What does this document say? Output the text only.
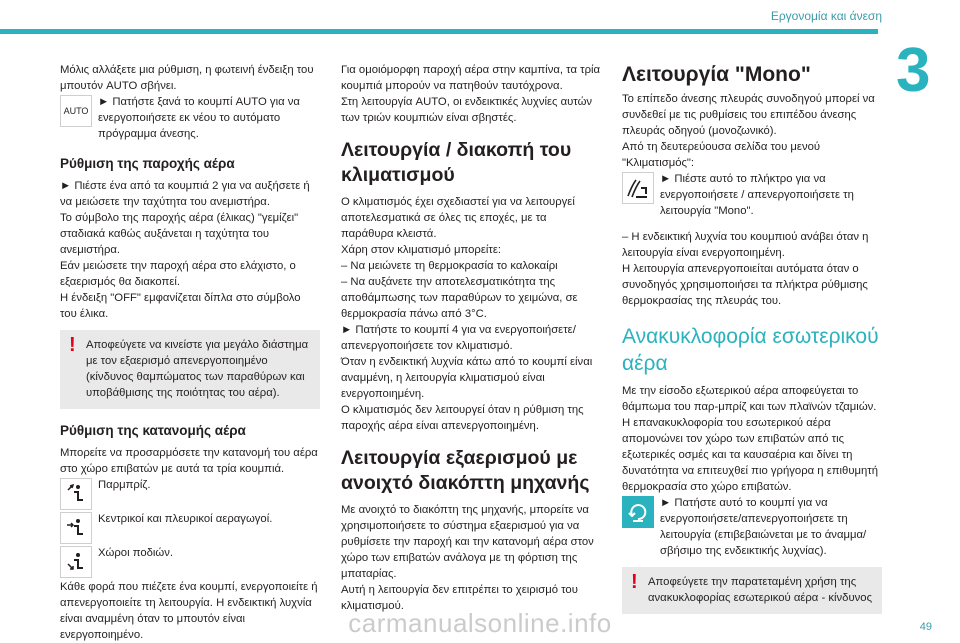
Εργονομία και άνεση
3

Μόλις αλλάξετε μια ρύθμιση, η φωτεινή ένδειξη του μπουτόν AUTO σβήνει.

AUTO

► Πατήστε ξανά το κουμπί AUTO για να ενεργοποιήσετε εκ νέου το αυτόματο πρόγραμμα άνεσης.

Ρύθμιση της παροχής αέρα

► Πιέστε ένα από τα κουμπιά 2 για να αυξήσετε ή να μειώσετε την ταχύτητα του ανεμιστήρα.

Το σύμβολο της παροχής αέρα (έλικας) "γεμίζει" σταδιακά καθώς αυξάνεται η ταχύτητα του ανεμιστήρα.

Εάν μειώσετε την παροχή αέρα στο ελάχιστο, ο εξαερισμός θα διακοπεί.

Η ένδειξη "OFF" εμφανίζεται δίπλα στο σύμβολο του έλικα.

! Αποφεύγετε να κινείστε για μεγάλο διάστημα με τον εξαερισμό απενεργοποιημένο (κίνδυνος θαμπώματος των παραθύρων και υποβάθμισης της ποιότητας του αέρα).

Ρύθμιση της κατανομής αέρα

Μπορείτε να προσαρμόσετε την κατανομή του αέρα στο χώρο επιβατών με αυτά τα τρία κουμπιά.

Παρμπρίζ.

Κεντρικοί και πλευρικοί αεραγωγοί.

Χώροι ποδιών.

Κάθε φορά που πιέζετε ένα κουμπί, ενεργοποιείτε ή απενεργοποιείτε τη λειτουργία. Η ενδεικτική λυχνία είναι αναμμένη όταν το μπουτόν είναι ενεργοποιημένο.

Για ομοιόμορφη παροχή αέρα στην καμπίνα, τα τρία κουμπιά μπορούν να πατηθούν ταυτόχρονα.

Στη λειτουργία AUTO, οι ενδεικτικές λυχνίες αυτών των τριών κουμπιών είναι σβηστές.

Λειτουργία / διακοπή του κλιματισμού

Ο κλιματισμός έχει σχεδιαστεί για να λειτουργεί αποτελεσματικά σε όλες τις εποχές, με τα παράθυρα κλειστά.

Χάρη στον κλιματισμό μπορείτε:

– Να μειώνετε τη θερμοκρασία το καλοκαίρι

– Να αυξάνετε την αποτελεσματικότητα της αποθάμπωσης των παραθύρων το χειμώνα, σε θερμοκρασία πάνω από 3°C.

► Πατήστε το κουμπί 4 για να ενεργοποιήσετε/απενεργοποιήσετε τον κλιματισμό.

Όταν η ενδεικτική λυχνία κάτω από το κουμπί είναι αναμμένη, η λειτουργία κλιματισμού είναι ενεργοποιημένη.

Ο κλιματισμός δεν λειτουργεί όταν η ρύθμιση της παροχής αέρα είναι απενεργοποιημένη.

Λειτουργία εξαερισμού με ανοιχτό διακόπτη μηχανής

Με ανοιχτό το διακόπτη της μηχανής, μπορείτε να χρησιμοποιήσετε το σύστημα εξαερισμού για να ρυθμίσετε την παροχή και την κατανομή αέρα στον χώρο των επιβατών ανάλογα με τη φόρτιση της μπαταρίας.

Αυτή η λειτουργία δεν επιτρέπει το χειρισμό του κλιματισμού.

Λειτουργία "Mono"

Το επίπεδο άνεσης πλευράς συνοδηγού μπορεί να συνδεθεί με τις ρυθμίσεις του επιπέδου άνεσης πλευράς οδηγού (μονοζωνικό).

Από τη δευτερεύουσα σελίδα του μενού "Κλιματισμός":

► Πιέστε αυτό το πλήκτρο για να ενεργοποιήσετε / απενεργοποιήσετε τη λειτουργία "Mono".

– Η ενδεικτική λυχνία του κουμπιού ανάβει όταν η λειτουργία είναι ενεργοποιημένη.

Η λειτουργία απενεργοποιείται αυτόματα όταν ο συνοδηγός χρησιμοποιήσει τα πλήκτρα ρύθμισης θερμοκρασίας της πλευράς του.

Ανακυκλοφορία εσωτερικού αέρα

Με την είσοδο εξωτερικού αέρα αποφεύγεται το θάμπωμα του παρ-μπρίζ και των πλαϊνών τζαμιών.

Η επανακυκλοφορία του εσωτερικού αέρα απομονώνει τον χώρο των επιβατών από τις εξωτερικές οσμές και τα καυσαέρια και δίνει τη δυνατότητα να επιτευχθεί πιο γρήγορα η επιθυμητή θερμοκρασία στο χώρο επιβατών.

► Πατήστε αυτό το κουμπί για να ενεργοποιήσετε/απενεργοποιήσετε τη λειτουργία (επιβεβαιώνεται με το άναμμα/σβήσιμο της ενδεικτικής λυχνίας).

! Αποφεύγετε την παρατεταμένη χρήση της ανακυκλοφορίας εσωτερικού αέρα - κίνδυνος

carmanualsonline.info	49
